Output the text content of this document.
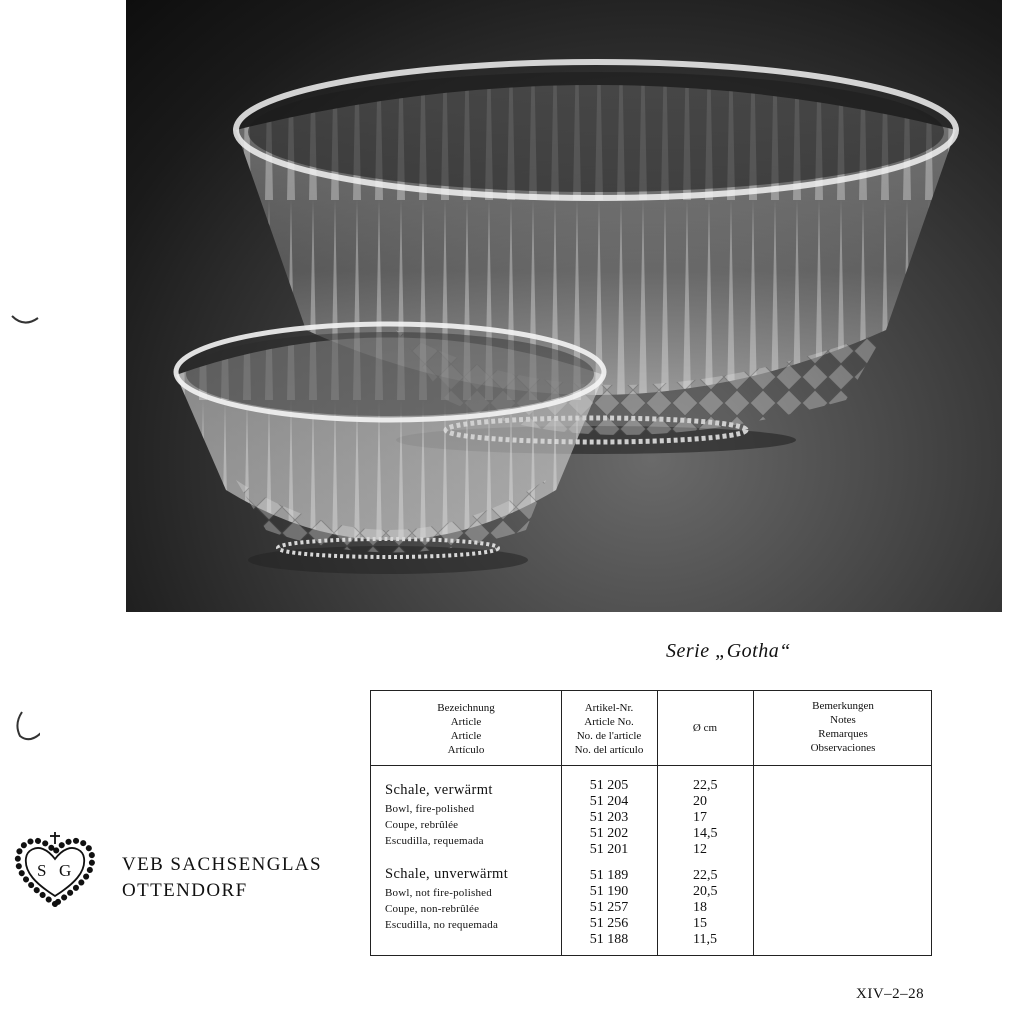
Serie „Gotha“
S G	VEB SACHSENGLAS
OTTENDORF
Bezeichnung
Article
Article
Artículo
Artikel-Nr.
Article No.
No. de l'article
No. del artículo
Ø cm
Bemerkungen
Notes
Remarques
Observaciones
Schale, verwärmt
Bowl, fire-polished
Coupe, rebrûlée
Escudilla, requemada
Schale, unverwärmt
Bowl, not fire-polished
Coupe, non-rebrûlée
Escudilla, no requemada
51 205
51 204
51 203
51 202
51 201
51 189
51 190
51 257
51 256
51 188
22,5
20
17
14,5
12
22,5
20,5
18
15
11,5
XIV–2–28
